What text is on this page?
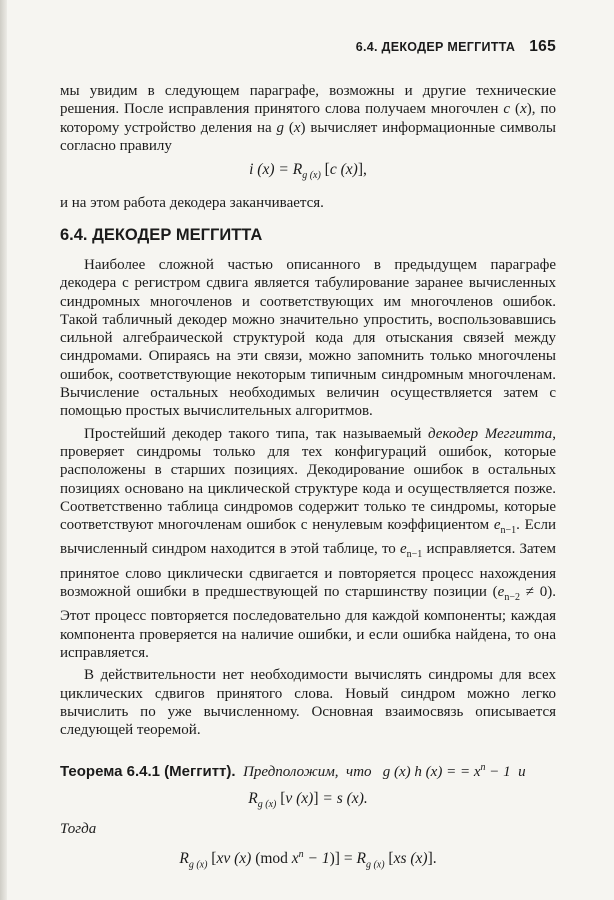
6.4. ДЕКОДЕР МЕГГИТТА 165

мы увидим в следующем параграфе, возможны и другие технические решения. После исправления принятого слова получаем многочлен c (x), по которому устройство деления на g (x) вычисляет информационные символы согласно правилу

i $(x) = R_{g (x)}$ [c (x)],

и на этом работа декодера заканчивается.

6.4. ДЕКОДЕР МЕГГИТТА

Наиболее сложной частью описанного в предыдущем параграфе декодера с регистром сдвига является табулирование заранее вычисленных синдромных многочленов и соответствующих им многочленов ошибок. Такой табличный декодер можно значительно упростить, воспользовавшись сильной алгебраической структурой кода для отыскания связей между синдромами. Опираясь на эти связи, можно запомнить только многочлены ошибок, соответствующие некоторым типичным синдромным многочленам. Вычисление остальных необходимых величин осуществляется затем с помощью простых вычислительных алгоритмов.

Простейший декодер такого типа, так называемый декодер Меггитта, проверяет синдромы только для тех конфигураций ошибок, которые расположены в старших позициях. Декодирование ошибок в остальных позициях основано на циклической структуре кода и осуществляется позже. Соответственно таблица синдромов содержит только те синдромы, которые соответствуют многочленам ошибок с ненулевым коэффициентом $e_{n-1}$. Если вычисленный синдром находится в этой таблице, то $e_{n-1}$ исправляется. Затем принятое слово циклически сдвигается и повторяется процесс нахождения возможной ошибки в предшествующей по старшинству позиции $(e_{n-2} \ne 0)$. Этот процесс повторяется последовательно для каждой компоненты; каждая компонента проверяется на наличие ошибки, и если ошибка найдена, то она исправляется.

В действительности нет необходимости вычислять синдромы для всех циклических сдвигов принятого слова. Новый синдром можно легко вычислить по уже вычисленному. Основная взаимосвязь описывается следующей теоремой.

Теорема 6.4.1 (Меггитт). Предположим,  что   g (x) h (x) = = $x^n - 1$  и

$R_{g (x)}$ [v (x)] = s (x).

Тогда

$R_{g (x)}$ [xv (x) (mod $x^n - 1)] = R_{g (x)}$ [xs (x)].
